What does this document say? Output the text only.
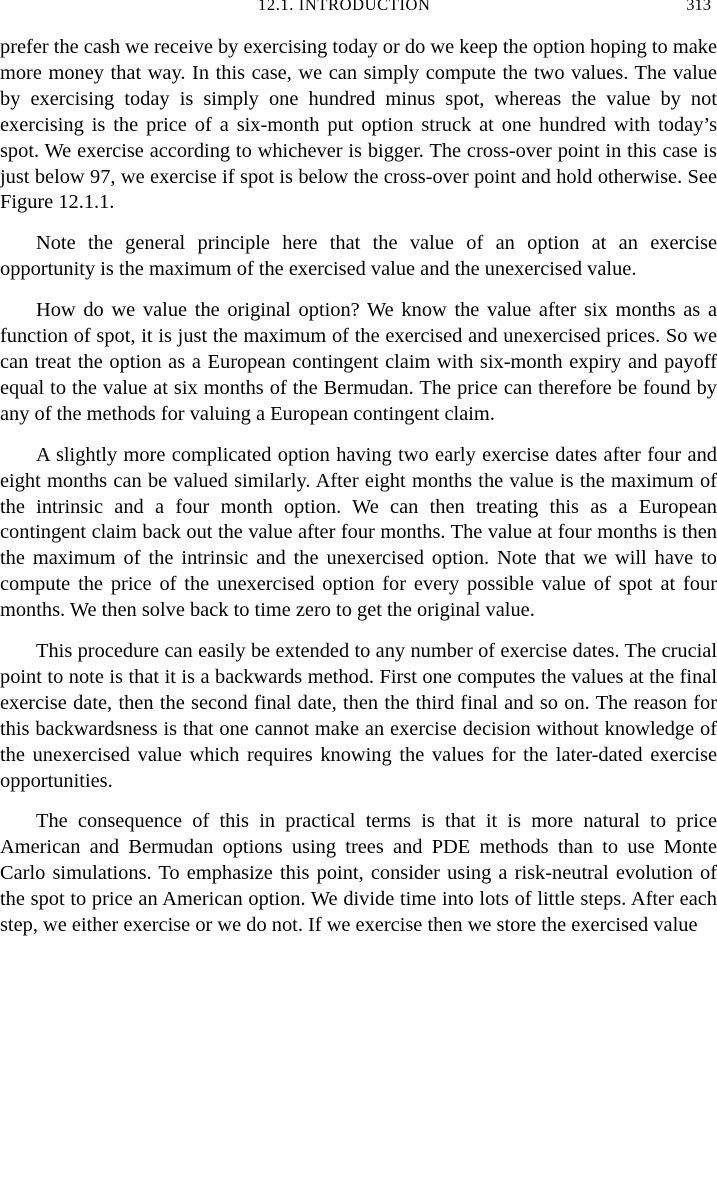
12.1. INTRODUCTION	313

prefer the cash we receive by exercising today or do we keep the option hoping to make more money that way. In this case, we can simply compute the two values. The value by exercising today is simply one hundred minus spot, whereas the value by not exercising is the price of a six-month put option struck at one hundred with today’s spot. We exercise according to whichever is bigger. The cross-over point in this case is just below 97, we exercise if spot is below the cross-over point and hold otherwise. See Figure 12.1.1.

Note the general principle here that the value of an option at an exercise opportunity is the maximum of the exercised value and the unexercised value.

How do we value the original option? We know the value after six months as a function of spot, it is just the maximum of the exercised and unexercised prices. So we can treat the option as a European contingent claim with six-month expiry and payoff equal to the value at six months of the Bermudan. The price can therefore be found by any of the methods for valuing a European contingent claim.

A slightly more complicated option having two early exercise dates after four and eight months can be valued similarly. After eight months the value is the maximum of the intrinsic and a four month option. We can then treating this as a European contingent claim back out the value after four months. The value at four months is then the maximum of the intrinsic and the unexercised option. Note that we will have to compute the price of the unexercised option for every possible value of spot at four months. We then solve back to time zero to get the original value.

This procedure can easily be extended to any number of exercise dates. The crucial point to note is that it is a backwards method. First one computes the values at the final exercise date, then the second final date, then the third final and so on. The reason for this backwardsness is that one cannot make an exercise decision without knowledge of the unexercised value which requires knowing the values for the later-dated exercise opportunities.

The consequence of this in practical terms is that it is more natural to price American and Bermudan options using trees and PDE methods than to use Monte Carlo simulations. To emphasize this point, consider using a risk-neutral evolution of the spot to price an American option. We divide time into lots of little steps. After each step, we either exercise or we do not. If we exercise then we store the exercised value
